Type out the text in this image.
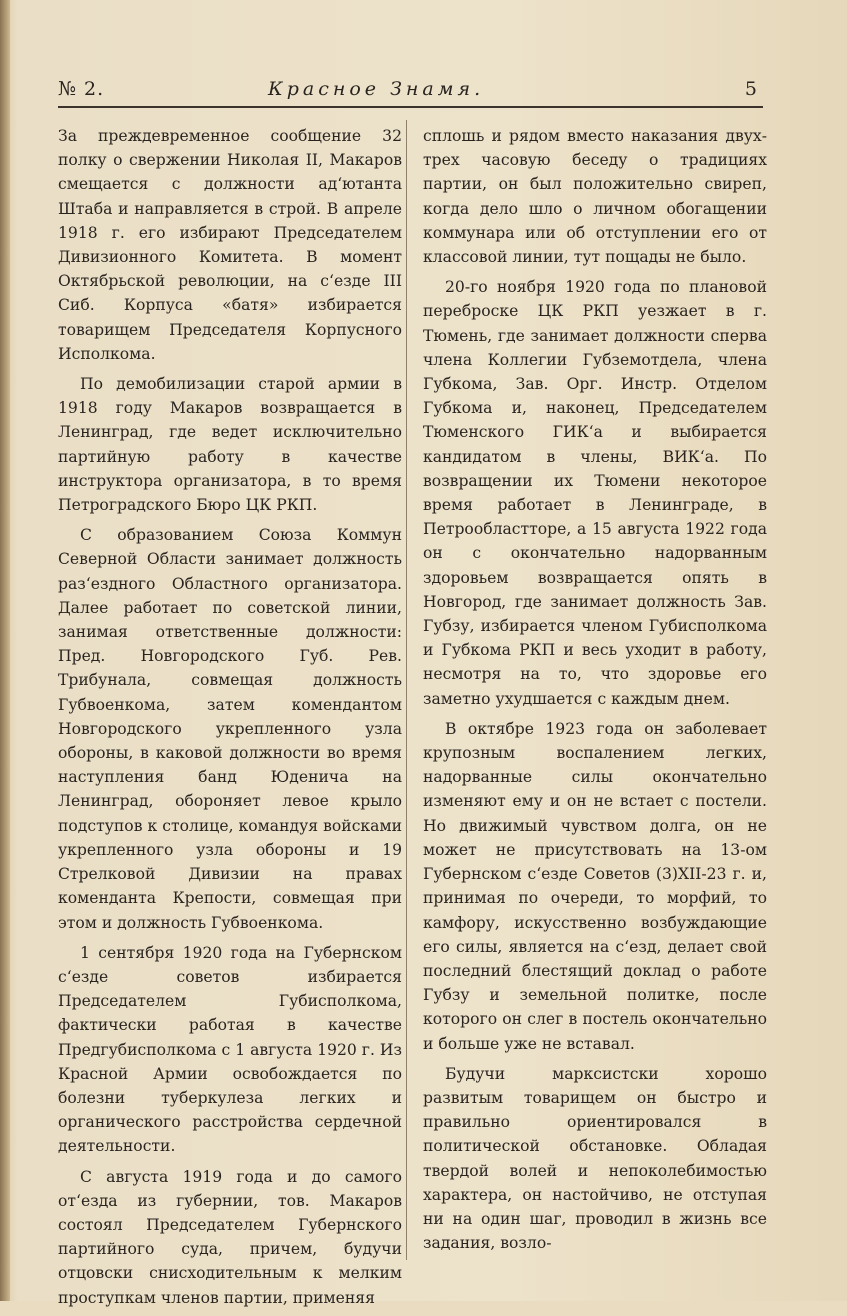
№ 2.	Красное Знамя.	5

За преждевременное сообщение 32 полку о свержении Николая II, Макаров смещается с должности ад‘ютанта Штаба и направляется в строй. В апреле 1918 г. его избирают Председателем Дивизионного Комитета. В момент Октябрьской революции, на с‘езде III Сиб. Корпуса «батя» избирается товарищем Председателя Корпусного Исполкома.

По демобилизации старой армии в 1918 году Макаров возвращается в Ленинград, где ведет исключительно партийную работу в качестве инструктора организатора, в то время Петроградского Бюро ЦК РКП.

С образованием Союза Коммун Северной Области занимает должность раз‘ездного Областного организатора. Далее работает по советской линии, занимая ответственные должности: Пред. Новгородского Губ. Рев. Трибунала, совмещая должность Губвоенкома, затем комендантом Новгородского укрепленного узла обороны, в каковой должности во время наступления банд Юденича на Ленинград, обороняет левое крыло подступов к столице, командуя войсками укрепленного узла обороны и 19 Стрелковой Дивизии на правах коменданта Крепости, совмещая при этом и должность Губвоенкома.

1 сентября 1920 года на Губернском с‘езде советов избирается Председателем Губисполкома, фактически работая в качестве Предгубисполкома с 1 августа 1920 г. Из Красной Армии освобождается по болезни туберкулеза легких и органического расстройства сердечной деятельности.

С августа 1919 года и до самого от‘езда из губернии, тов. Макаров состоял Председателем Губернского партийного суда, причем, будучи отцовски снисходительным к мелким проступкам членов партии, применяя

сплошь и рядом вместо наказания двух-трех часовую беседу о традициях партии, он был положительно свиреп, когда дело шло о личном обогащении коммунара или об отступлении его от классовой линии, тут пощады не было.

20-го ноября 1920 года по плановой переброске ЦК РКП уезжает в г. Тюмень, где занимает должности сперва члена Коллегии Губземотдела, члена Губкома, Зав. Орг. Инстр. Отделом Губкома и, наконец, Председателем Тюменского ГИК‘а и выбирается кандидатом в члены, ВИК‘а. По возвращении их Тюмени некоторое время работает в Ленинграде, в Петрообластторе, а 15 августа 1922 года он с окончательно надорванным здоровьем возвращается опять в Новгород, где занимает должность Зав. Губзу, избирается членом Губисполкома и Губкома РКП и весь уходит в работу, несмотря на то, что здоровье его заметно ухудшается с каждым днем.

В октябре 1923 года он заболевает крупозным воспалением легких, надорванные силы окончательно изменяют ему и он не встает с постели. Но движимый чувством долга, он не может не присутствовать на 13-ом Губернском с‘езде Советов (3)XII-23 г. и, принимая по очереди, то морфий, то камфору, искусственно возбуждающие его силы, является на с‘езд, делает свой последний блестящий доклад о работе Губзу и земельной политке, после которого он слег в постель окончательно и больше уже не вставал.

Будучи марксистски хорошо развитым товарищем он быстро и правильно ориентировался в политической обстановке. Обладая твердой волей и непоколебимостью характера, он настойчиво, не отступая ни на один шаг, проводил в жизнь все задания, возло-
